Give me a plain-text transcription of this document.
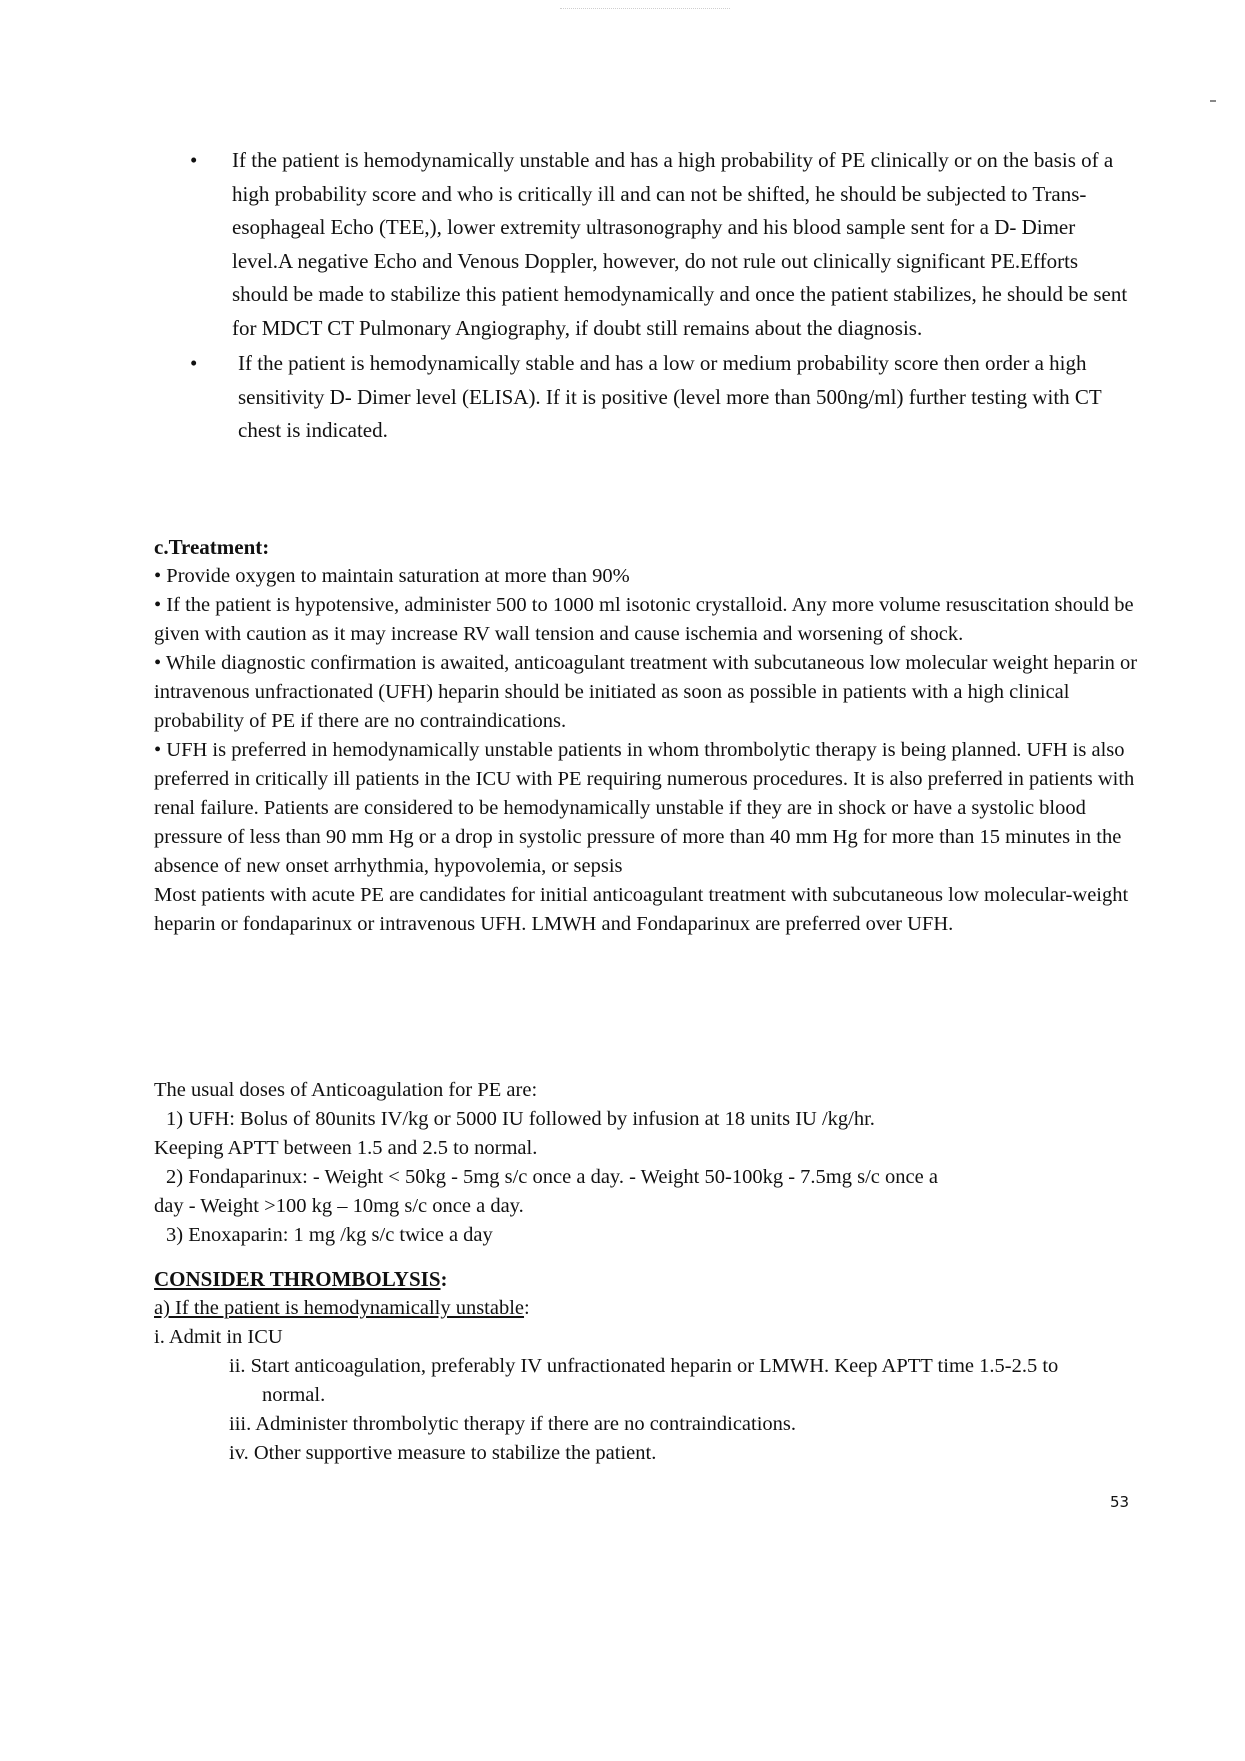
• If the patient is hemodynamically unstable and has a high probability of PE clinically or on the basis of a high probability score and who is critically ill and can not be shifted, he should be subjected to Trans-esophageal Echo (TEE,), lower extremity ultrasonography and his blood sample sent for a D- Dimer level.A negative Echo and Venous Doppler, however, do not rule out clinically significant PE.Efforts should be made to stabilize this patient hemodynamically and once the patient stabilizes, he should be sent for MDCT CT Pulmonary Angiography, if doubt still remains about the diagnosis.
• If the patient is hemodynamically stable and has a low or medium probability score then order a high sensitivity D- Dimer level (ELISA). If it is positive (level more than 500ng/ml) further testing with CT chest is indicated.

c.Treatment:

• Provide oxygen to maintain saturation at more than 90%

• If the patient is hypotensive, administer 500 to 1000 ml isotonic crystalloid. Any more volume resuscitation should be given with caution as it may increase RV wall tension and cause ischemia and worsening of shock.

• While diagnostic confirmation is awaited, anticoagulant treatment with subcutaneous low molecular weight heparin or intravenous unfractionated (UFH) heparin should be initiated as soon as possible in patients with a high clinical probability of PE if there are no contraindications.

• UFH is preferred in hemodynamically unstable patients in whom thrombolytic therapy is being planned. UFH is also preferred in critically ill patients in the ICU with PE requiring numerous procedures. It is also preferred in patients with renal failure. Patients are considered to be hemodynamically unstable if they are in shock or have a systolic blood pressure of less than 90 mm Hg or a drop in systolic pressure of more than 40 mm Hg for more than 15 minutes in the absence of new onset arrhythmia, hypovolemia, or sepsis

Most patients with acute PE are candidates for initial anticoagulant treatment with subcutaneous low molecular-weight heparin or fondaparinux or intravenous UFH. LMWH and Fondaparinux are preferred over UFH.

The usual doses of Anticoagulation for PE are:

1) UFH: Bolus of 80units IV/kg or 5000 IU followed by infusion at 18 units IU /kg/hr.

Keeping APTT between 1.5 and 2.5 to normal.

2) Fondaparinux: - Weight < 50kg - 5mg s/c once a day. - Weight 50-100kg - 7.5mg s/c once a

day - Weight >100 kg – 10mg s/c once a day.

3) Enoxaparin: 1 mg /kg s/c twice a day

CONSIDER THROMBOLYSIS:

a) If the patient is hemodynamically unstable:

i. Admit in ICU

ii. Start anticoagulation, preferably IV unfractionated heparin or LMWH. Keep APTT time 1.5-2.5 to normal.

iii. Administer thrombolytic therapy if there are no contraindications.

iv. Other supportive measure to stabilize the patient.

53
